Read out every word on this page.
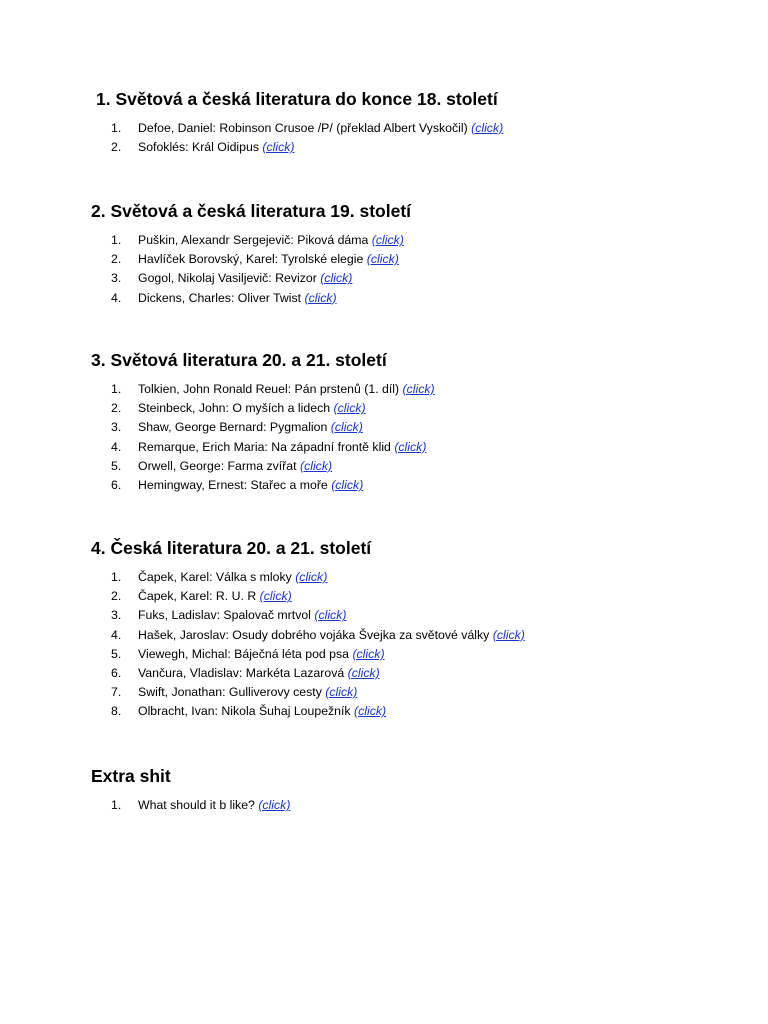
1. Světová a česká literatura do konce 18. století
1. Defoe, Daniel: Robinson Crusoe /P/ (překlad Albert Vyskočil) (click)
2. Sofoklés: Král Oidipus (click)
2. Světová a česká literatura 19. století
1. Puškin, Alexandr Sergejevič: Piková dáma (click)
2. Havlíček Borovský, Karel: Tyrolské elegie (click)
3. Gogol, Nikolaj Vasiljevič: Revizor (click)
4. Dickens, Charles: Oliver Twist (click)
3. Světová literatura 20. a 21. století
1. Tolkien, John Ronald Reuel: Pán prstenů (1. díl) (click)
2. Steinbeck, John: O myších a lidech (click)
3. Shaw, George Bernard: Pygmalion (click)
4. Remarque, Erich Maria: Na západní frontě klid (click)
5. Orwell, George: Farma zvířat (click)
6. Hemingway, Ernest: Stařec a moře (click)
4. Česká literatura 20. a 21. století
1. Čapek, Karel: Válka s mloky (click)
2. Čapek, Karel: R. U. R (click)
3. Fuks, Ladislav: Spalovač mrtvol (click)
4. Hašek, Jaroslav: Osudy dobrého vojáka Švejka za světové války (click)
5. Viewegh, Michal: Báječná léta pod psa (click)
6. Vančura, Vladislav: Markéta Lazarová (click)
7. Swift, Jonathan: Gulliverovy cesty (click)
8. Olbracht, Ivan: Nikola Šuhaj Loupežník (click)
Extra shit
1. What should it b like? (click)
